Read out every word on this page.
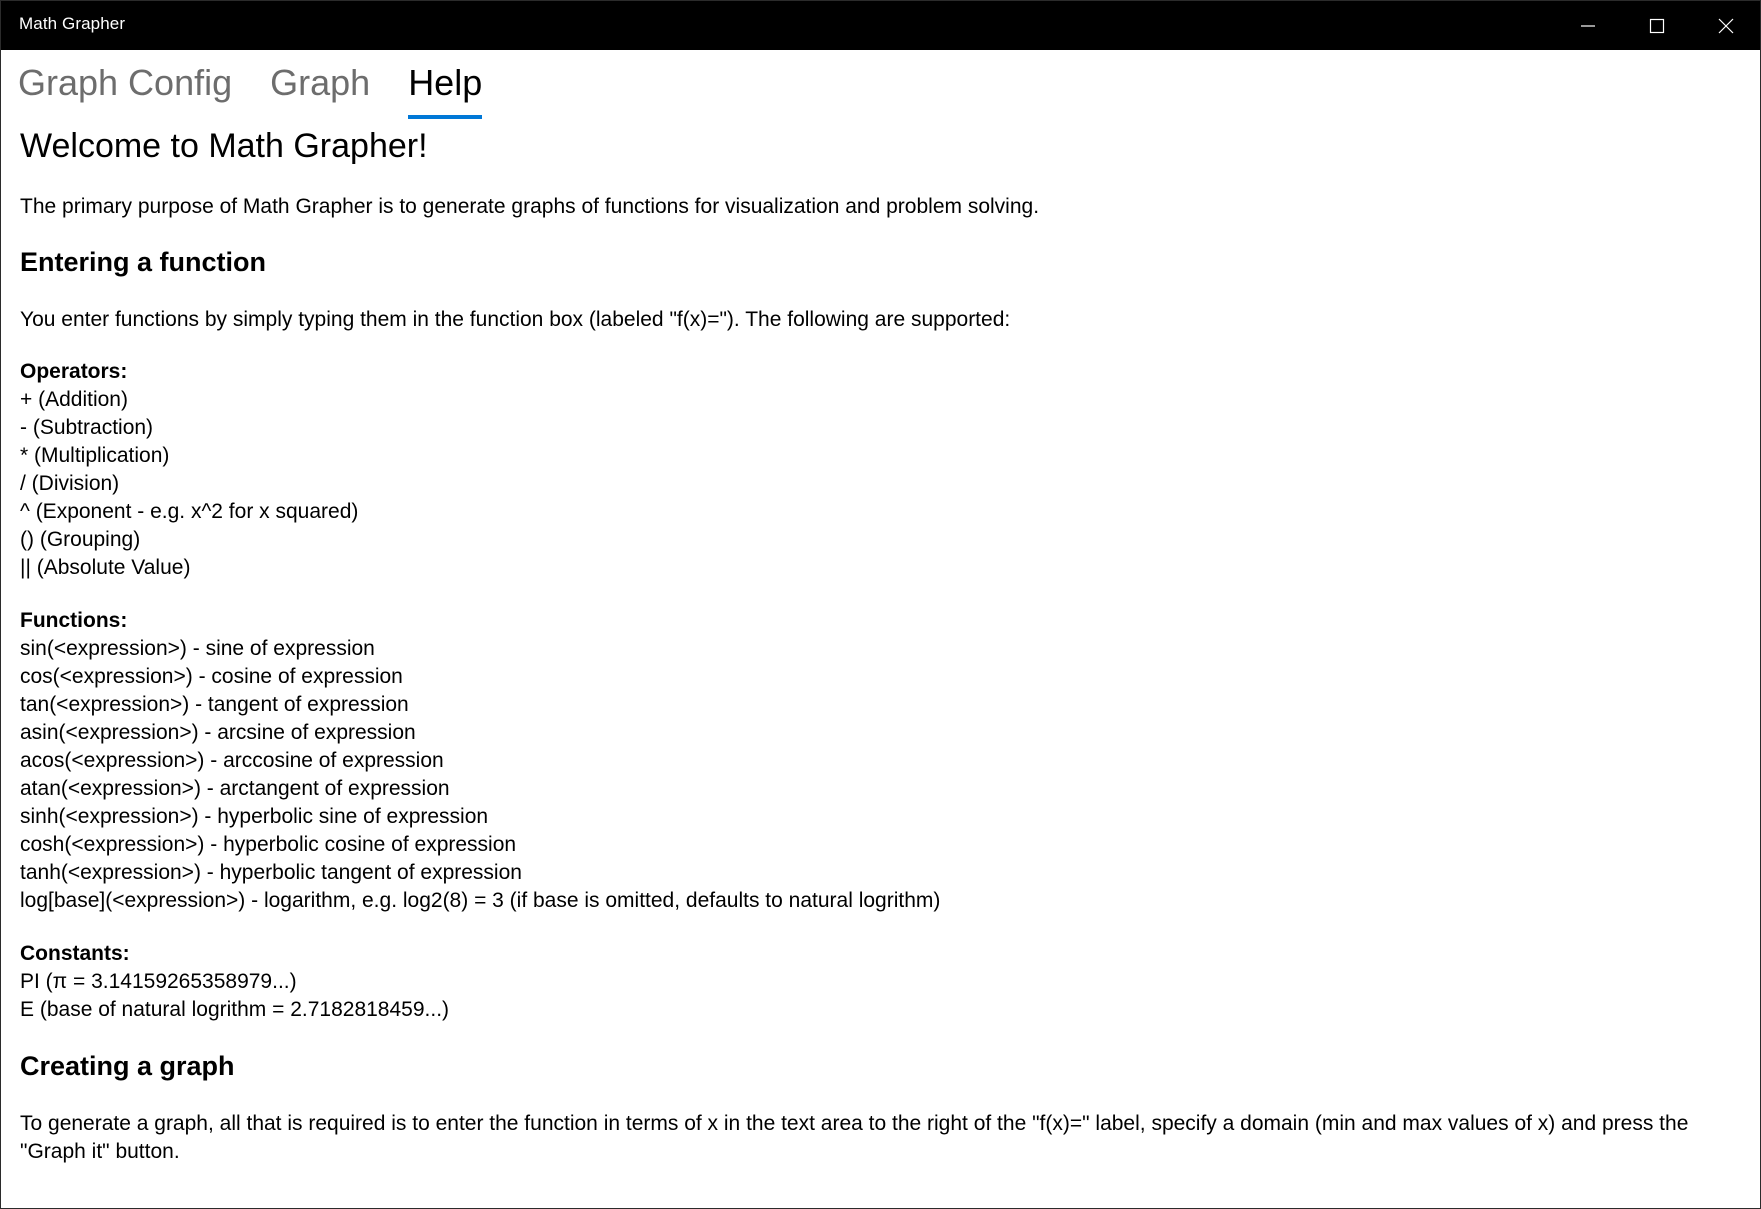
Math Grapher
Graph Config Graph Help
Welcome to Math Grapher!

The primary purpose of Math Grapher is to generate graphs of functions for visualization and problem solving.

Entering a function

You enter functions by simply typing them in the function box (labeled "f(x)="). The following are supported:

Operators:
+ (Addition)
- (Subtraction)
* (Multiplication)
/ (Division)
^ (Exponent - e.g. x^2 for x squared)
() (Grouping)
|| (Absolute Value)
Functions:
sin(<expression>) - sine of expression
cos(<expression>) - cosine of expression
tan(<expression>) - tangent of expression
asin(<expression>) - arcsine of expression
acos(<expression>) - arccosine of expression
atan(<expression>) - arctangent of expression
sinh(<expression>) - hyperbolic sine of expression
cosh(<expression>) - hyperbolic cosine of expression
tanh(<expression>) - hyperbolic tangent of expression
log[base](<expression>) - logarithm, e.g. log2(8) = 3 (if base is omitted, defaults to natural logrithm)
Constants:
PI (π = 3.14159265358979...)
E (base of natural logrithm = 2.7182818459...)
Creating a graph

To generate a graph, all that is required is to enter the function in terms of x in the text area to the right of the "f(x)=" label, specify a domain (min and max values of x) and press the "Graph it" button.
